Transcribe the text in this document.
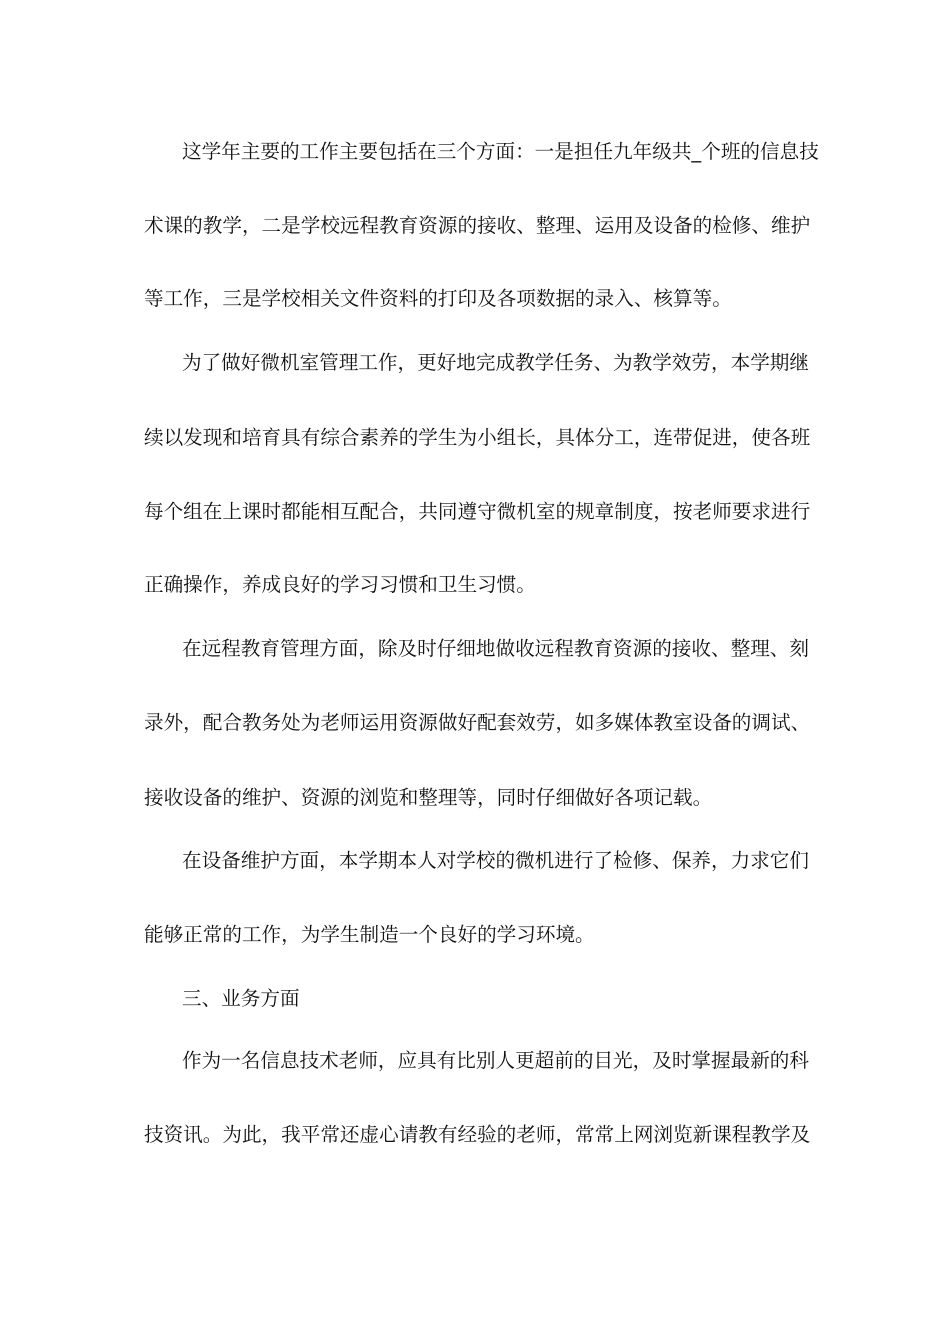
这学年主要的工作主要包括在三个方面：一是担任九年级共_个班的信息技
术课的教学，二是学校远程教育资源的接收、整理、运用及设备的检修、维护
等工作，三是学校相关文件资料的打印及各项数据的录入、核算等。
为了做好微机室管理工作，更好地完成教学任务、为教学效劳，本学期继
续以发现和培育具有综合素养的学生为小组长，具体分工，连带促进，使各班
每个组在上课时都能相互配合，共同遵守微机室的规章制度，按老师要求进行
正确操作，养成良好的学习习惯和卫生习惯。
在远程教育管理方面，除及时仔细地做收远程教育资源的接收、整理、刻
录外，配合教务处为老师运用资源做好配套效劳，如多媒体教室设备的调试、
接收设备的维护、资源的浏览和整理等，同时仔细做好各项记载。
在设备维护方面，本学期本人对学校的微机进行了检修、保养，力求它们
能够正常的工作，为学生制造一个良好的学习环境。
三、业务方面
作为一名信息技术老师，应具有比别人更超前的目光，及时掌握最新的科
技资讯。为此，我平常还虚心请教有经验的老师，常常上网浏览新课程教学及
